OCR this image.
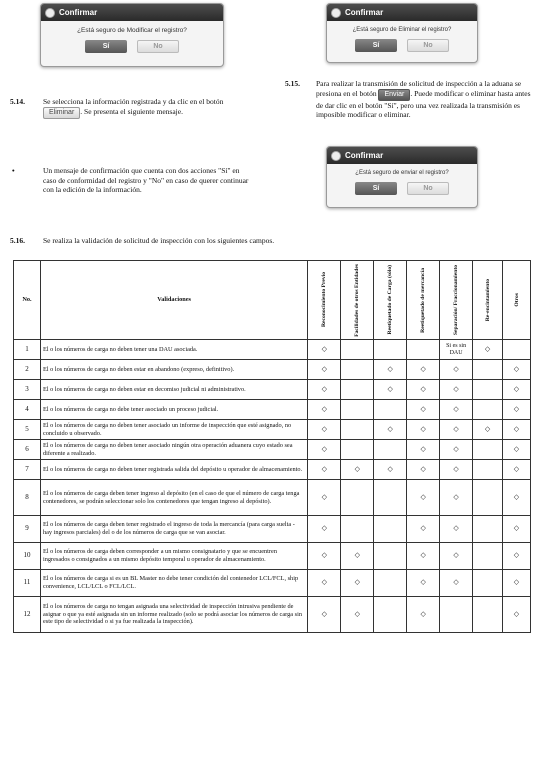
Confirmar
¿Está seguro de Modificar el registro?
Sí	No
Confirmar
¿Está seguro de Eliminar el registro?
Sí	No
5.14. Se selecciona la información registrada y da clic en el botón Eliminar . Se presenta el siguiente mensaje.
•	Un mensaje de confirmación que cuenta con dos acciones "Sí" en caso de conformidad del registro y "No" en caso de querer continuar con la edición de la información.
5.15. Para realizar la transmisión de solicitud de inspección a la aduana se presiona en el botón Enviar . Puede modificar o eliminar hasta antes de dar clic en el botón "Sí", pero una vez realizada la transmisión es imposible modificar o eliminar.
Confirmar
¿Está seguro de enviar el registro?
Sí	No
5.16. Se realiza la validación de solicitud de inspección con los siguientes campos.
No.	Validaciones	Reconocimiento Previo	Facilidades de otros Entidades	Reetiquetado de Carga (sólo)	Reetiquetado de mercancía	Separación/ Fraccionamiento	Re-encintamiento	Otros

1	El o los números de carga no deben tener una DAU asociada.	◇				Si es sin DAU	◇	
2	El o los números de carga no deben estar en abandono (expreso, definitivo).	◇		◇	◇	◇		◇
3	El o los números de carga no deben estar en decomiso judicial ni administrativo.	◇		◇	◇	◇		◇
4	El o los números de carga no debe tener asociado un proceso judicial.	◇			◇	◇		◇
5	El o los números de carga no deben tener asociado un informe de inspección que esté asignado, no concluido u observado.	◇		◇	◇	◇	◇	◇
6	El o los números de carga no deben tener asociado ningún otra operación aduanera cuyo estado sea diferente a realizado.	◇			◇	◇		◇
7	El o los números de carga no deben tener registrada salida del depósito u operador de almacenamiento.	◇	◇	◇	◇	◇		◇
8	El o los números de carga deben tener ingreso al depósito (en el caso de que el número de carga tenga contenedores, se podrán seleccionar solo los contenedores que tengan ingreso al depósito).	◇			◇	◇		◇
9	El o los números de carga deben tener registrado el ingreso de toda la mercancía (para carga suelta - hay ingresos parciales) del o de los números de carga que se van asociar.	◇			◇	◇		◇
10	El o los números de carga deben corresponder a un mismo consignatario y que se encuentren ingresados o consignados a un mismo depósito temporal u operador de almacenamiento.	◇	◇		◇	◇		◇
11	El o los números de carga si es un BL Master no debe tener condición del contenedor LCL/FCL, ship convenience, LCL/LCL o FCL/LCL.	◇	◇		◇	◇		◇
12	El o los números de carga no tengan asignada una selectividad de inspección intrusiva pendiente de asignar o que ya esté asignada sin un informe realizado (solo se podrá asociar los números de carga sin este tipo de selectividad o si ya fue realizada la inspección).	◇	◇		◇			◇
